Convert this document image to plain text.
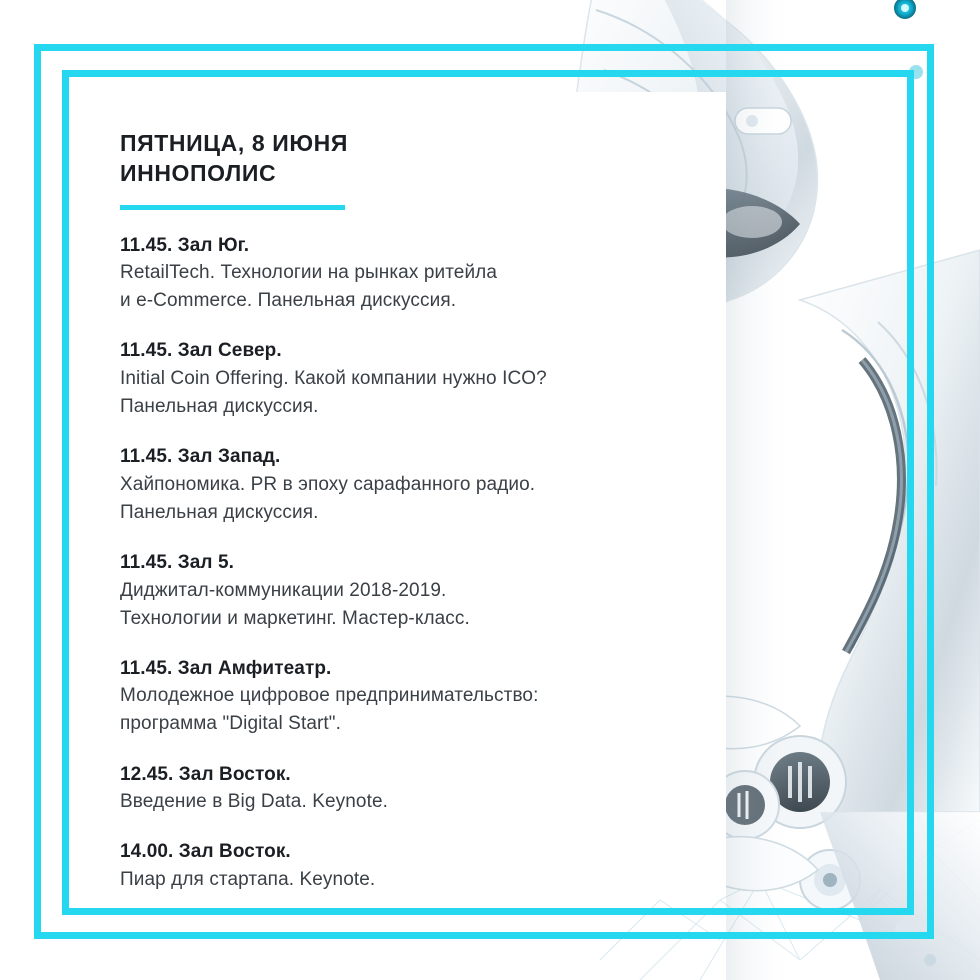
ПЯТНИЦА, 8 ИЮНЯ
ИННОПОЛИС
11.45. Зал Юг.
RetailTech. Технологии на рынках ритейла
и e-Commerce. Панельная дискуссия.
11.45. Зал Север.
Initial Coin Offering. Какой компании нужно ICO?
Панельная дискуссия.
11.45. Зал Запад.
Хайпономика. PR в эпоху сарафанного радио.
Панельная дискуссия.
11.45. Зал 5.
Диджитал-коммуникации 2018-2019.
Технологии и маркетинг. Мастер-класс.
11.45. Зал Амфитеатр.
Молодежное цифровое предпринимательство:
программа "Digital Start".
12.45. Зал Восток.
Введение в Big Data. Keynote.
14.00. Зал Восток.
Пиар для стартапа. Keynote.
